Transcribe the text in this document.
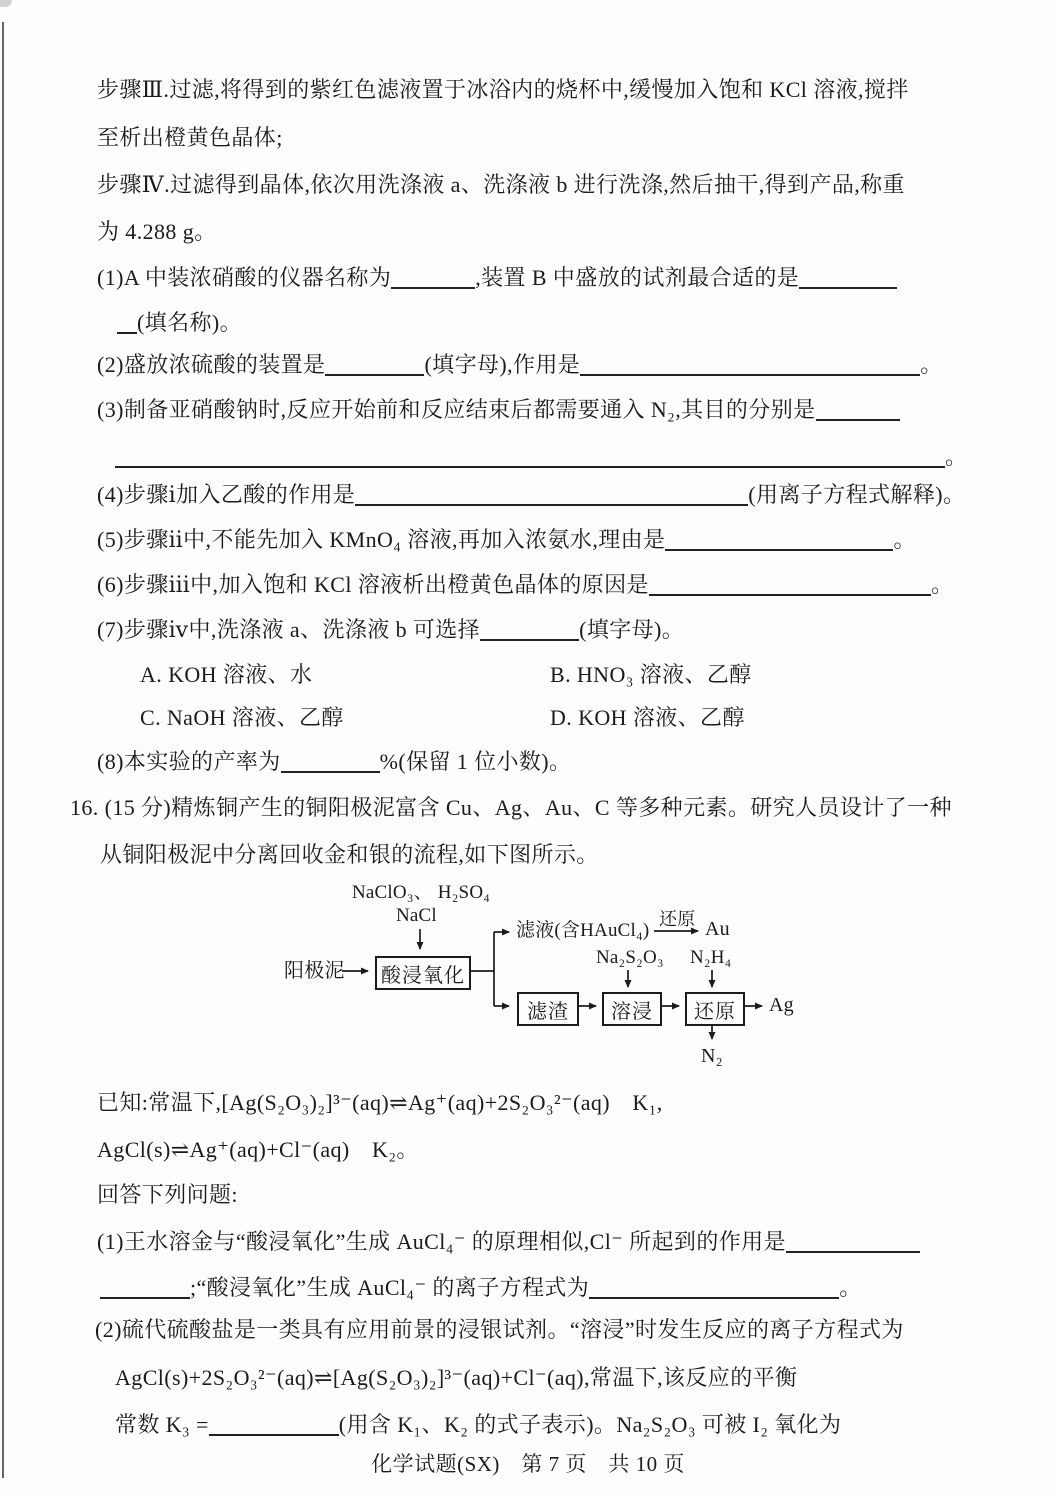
步骤Ⅲ.过滤,将得到的紫红色滤液置于冰浴内的烧杯中,缓慢加入饱和 KCl 溶液,搅拌
至析出橙黄色晶体;
步骤Ⅳ.过滤得到晶体,依次用洗涤液 a、洗涤液 b 进行洗涤,然后抽干,得到产品,称重
为 4.288 g。
(1)A 中装浓硝酸的仪器名称为	,装置 B 中盛放的试剂最合适的是
(填名称)。
(2)盛放浓硫酸的装置是	(填字母),作用是	。
(3)制备亚硝酸钠时,反应开始前和反应结束后都需要通入 N₂,其目的分别是
。
(4)步骤ⅰ加入乙酸的作用是	(用离子方程式解释)。
(5)步骤ⅱ中,不能先加入 KMnO₄ 溶液,再加入浓氨水,理由是	。
(6)步骤ⅲ中,加入饱和 KCl 溶液析出橙黄色晶体的原因是	。
(7)步骤ⅳ中,洗涤液 a、洗涤液 b 可选择	(填字母)。
A. KOH 溶液、水	B. HNO₃ 溶液、乙醇
C. NaOH 溶液、乙醇	D. KOH 溶液、乙醇
(8)本实验的产率为	%(保留 1 位小数)。
16. (15 分)精炼铜产生的铜阳极泥富含 Cu、Ag、Au、C 等多种元素。研究人员设计了一种
从铜阳极泥中分离回收金和银的流程,如下图所示。
NaClO₃、 H₂SO₄
NaCl
阳极泥	酸浸氧化
滤液(含HAuCl₄)
还原 Au
Na₂S₂O₃ N₂H₄
滤渣	溶浸	还原	Ag
N₂
已知:常温下,[Ag(S₂O₃)₂]³⁻(aq)⇌Ag⁺(aq)+2S₂O₃²⁻(aq)　K₁,
AgCl(s)⇌Ag⁺(aq)+Cl⁻(aq)　K₂。
回答下列问题:
(1)王水溶金与“酸浸氧化”生成 AuCl₄⁻ 的原理相似,Cl⁻ 所起到的作用是
;“酸浸氧化”生成 AuCl₄⁻ 的离子方程式为	。
(2)硫代硫酸盐是一类具有应用前景的浸银试剂。“溶浸”时发生反应的离子方程式为
AgCl(s)+2S₂O₃²⁻(aq)⇌[Ag(S₂O₃)₂]³⁻(aq)+Cl⁻(aq),常温下,该反应的平衡
常数 K₃ =	(用含 K₁、K₂ 的式子表示)。Na₂S₂O₃ 可被 I₂ 氧化为
化学试题(SX)　第 7 页　共 10 页
